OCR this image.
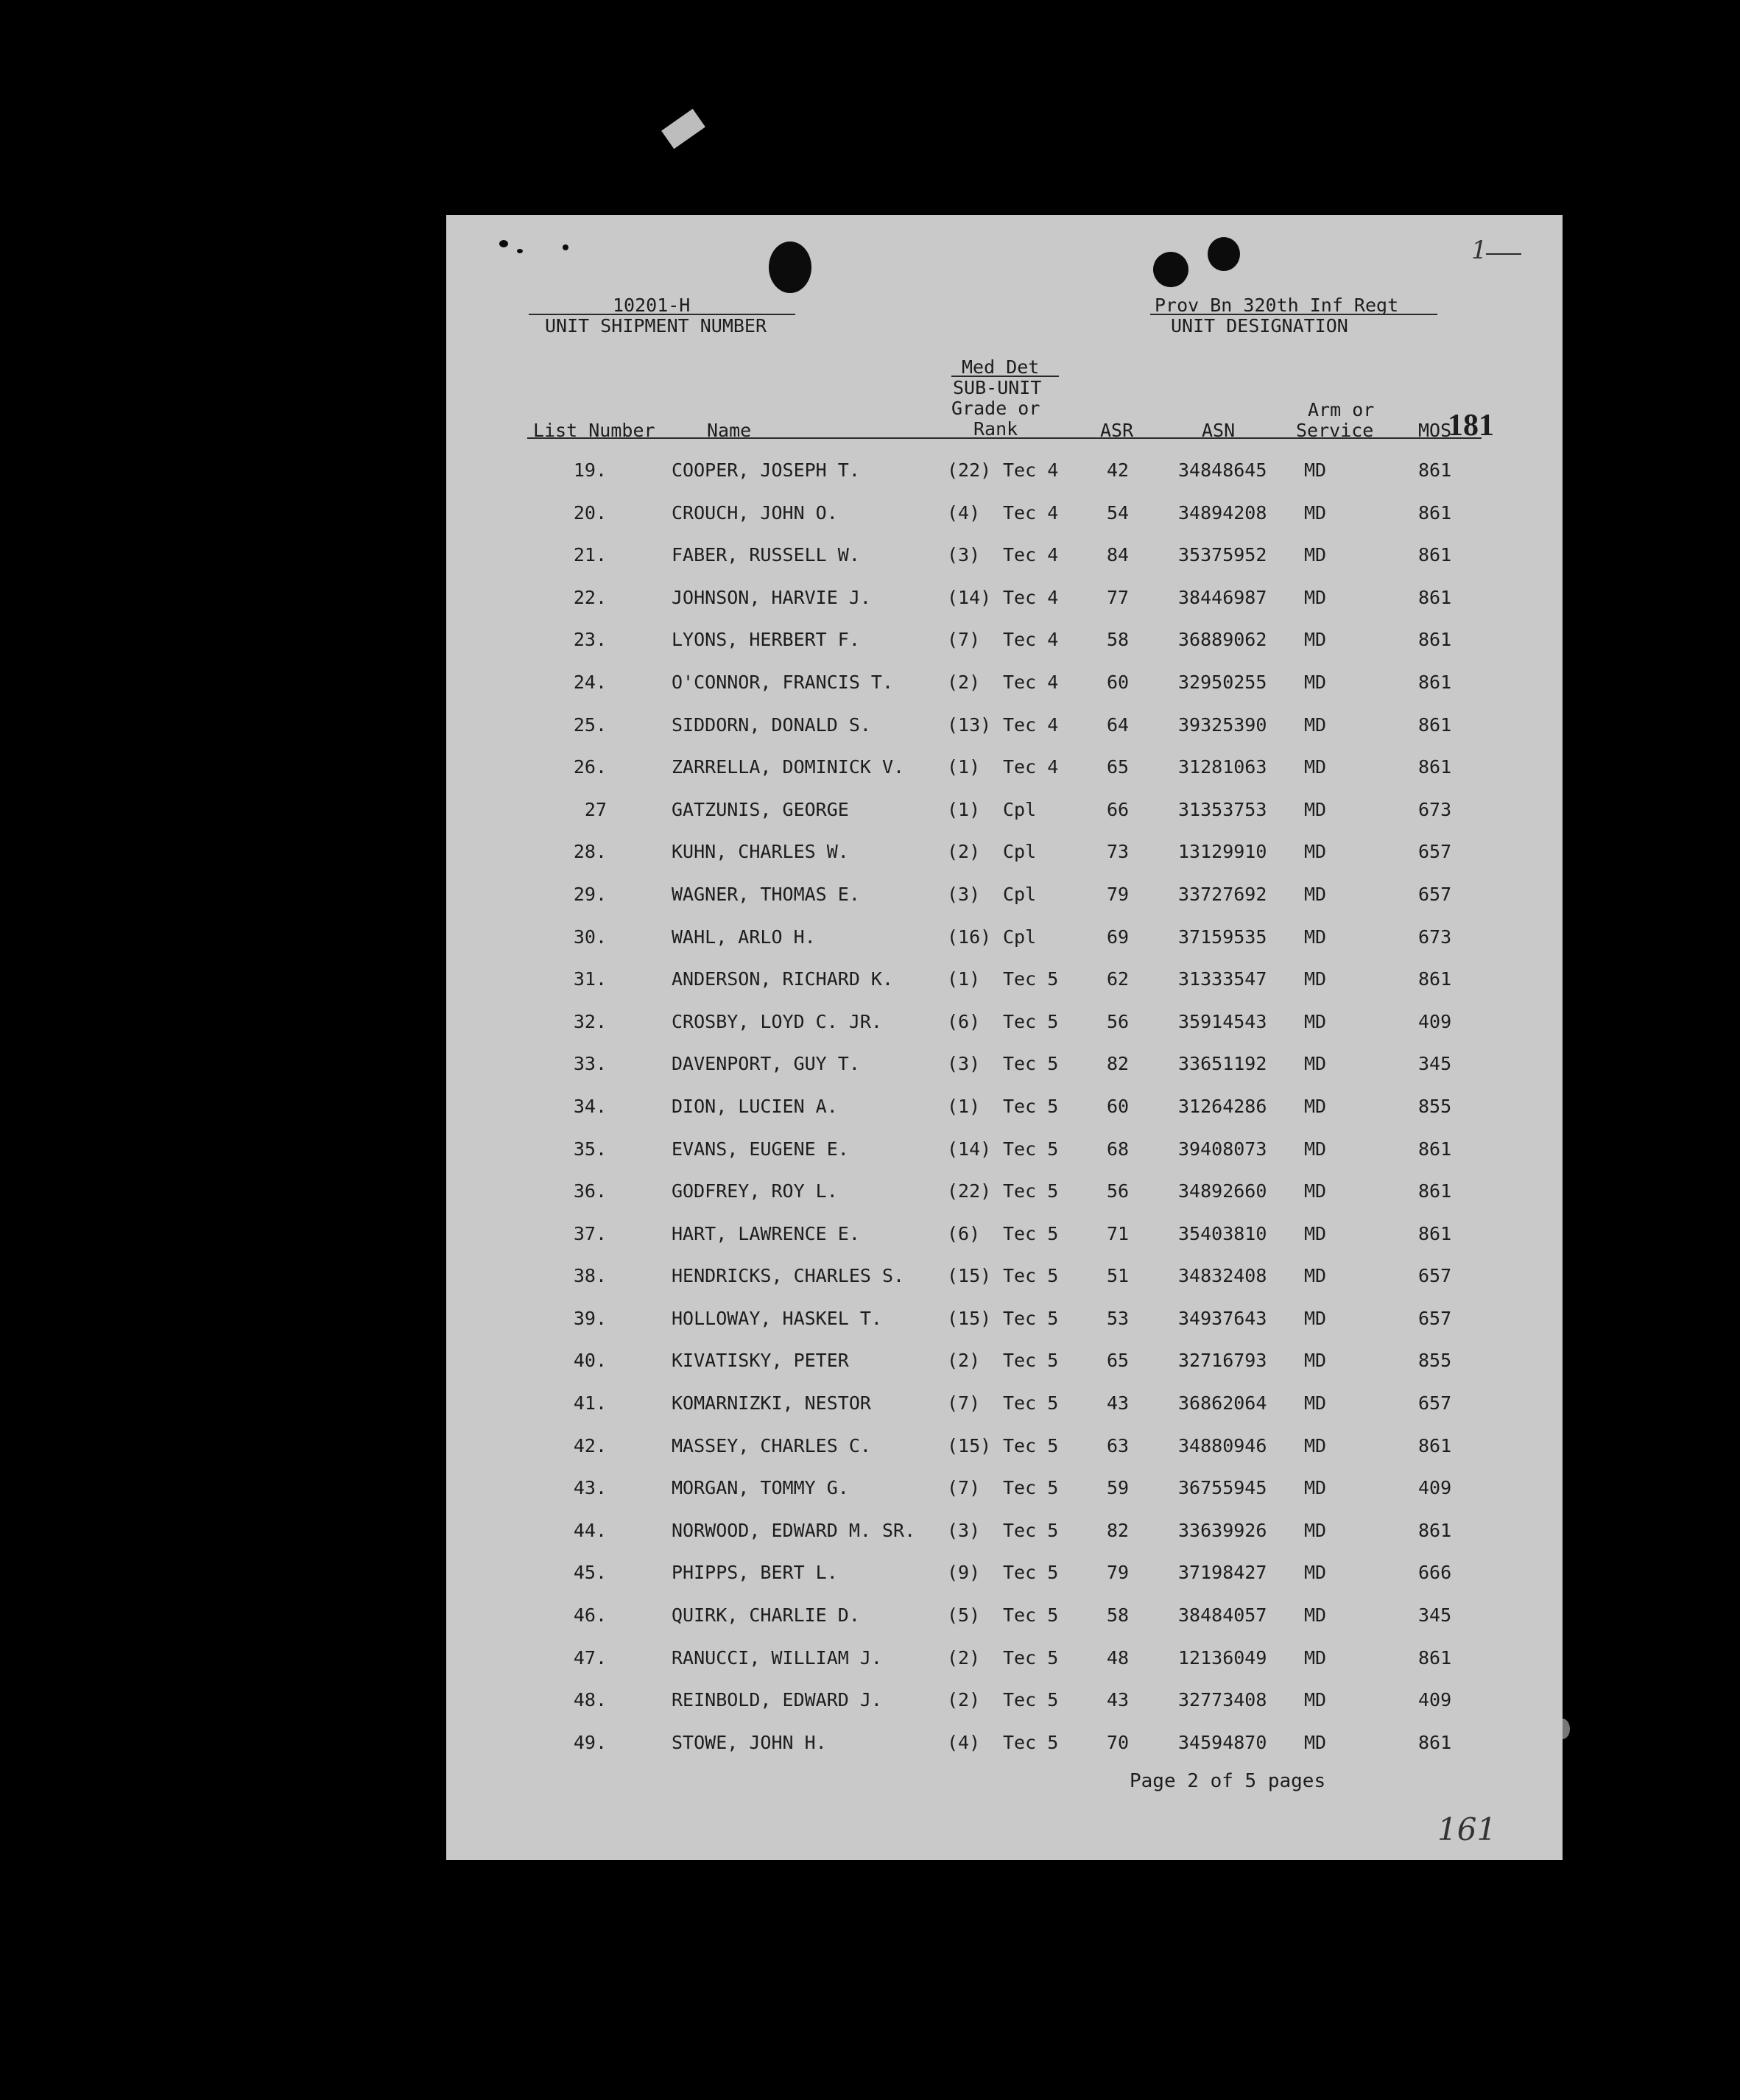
1
10201-H
UNIT SHIPMENT NUMBER
Prov Bn 320th Inf Regt
UNIT DESIGNATION
Med Det
SUB-UNIT
Grade or
Rank
List Number	Name	ASR	ASN
Arm or
Service MOS
181
19.	COOPER, JOSEPH T.	(22) Tec 4	42	34848645	MD	861
20.	CROUCH, JOHN O.	(4) Tec 4	54	34894208	MD	861
21.	FABER, RUSSELL W.	(3) Tec 4	84	35375952	MD	861
22.	JOHNSON, HARVIE J.	(14) Tec 4	77	38446987	MD	861
23.	LYONS, HERBERT F.	(7) Tec 4	58	36889062	MD	861
24.	O'CONNOR, FRANCIS T.	(2) Tec 4	60	32950255	MD	861
25.	SIDDORN, DONALD S.	(13) Tec 4	64	39325390	MD	861
26.	ZARRELLA, DOMINICK V. (1) Tec 4	65	31281063	MD	861
27	GATZUNIS, GEORGE	(1) Cpl	66	31353753	MD	673
28.	KUHN, CHARLES W.	(2) Cpl	73	13129910	MD	657
29.	WAGNER, THOMAS E.	(3) Cpl	79	33727692	MD	657
30.	WAHL, ARLO H.	(16) Cpl	69	37159535	MD	673
31.	ANDERSON, RICHARD K.	(1) Tec 5	62	31333547	MD	861
32.	CROSBY, LOYD C. JR.	(6) Tec 5	56	35914543	MD	409
33.	DAVENPORT, GUY T.	(3) Tec 5	82	33651192	MD	345
34.	DION, LUCIEN A.	(1) Tec 5	60	31264286	MD	855
35.	EVANS, EUGENE E.	(14) Tec 5	68	39408073	MD	861
36.	GODFREY, ROY L.	(22) Tec 5	56	34892660	MD	861
37.	HART, LAWRENCE E.	(6) Tec 5	71	35403810	MD	861
38.	HENDRICKS, CHARLES S. (15) Tec 5	51	34832408	MD	657
39.	HOLLOWAY, HASKEL T.	(15) Tec 5	53	34937643	MD	657
40.	KIVATISKY, PETER	(2) Tec 5	65	32716793	MD	855
41.	KOMARNIZKI, NESTOR	(7) Tec 5	43	36862064	MD	657
42.	MASSEY, CHARLES C.	(15) Tec 5	63	34880946	MD	861
43.	MORGAN, TOMMY G.	(7) Tec 5	59	36755945	MD	409
44.	NORWOOD, EDWARD M. SR. (3) Tec 5	82	33639926	MD	861
45.	PHIPPS, BERT L.	(9) Tec 5	79	37198427	MD	666
46.	QUIRK, CHARLIE D.	(5) Tec 5	58	38484057	MD	345
47.	RANUCCI, WILLIAM J.	(2) Tec 5	48	12136049	MD	861
48.	REINBOLD, EDWARD J.	(2) Tec 5	43	32773408	MD	409
49.	STOWE, JOHN H.	(4) Tec 5	70	34594870	MD	861
Page 2 of 5 pages
161
